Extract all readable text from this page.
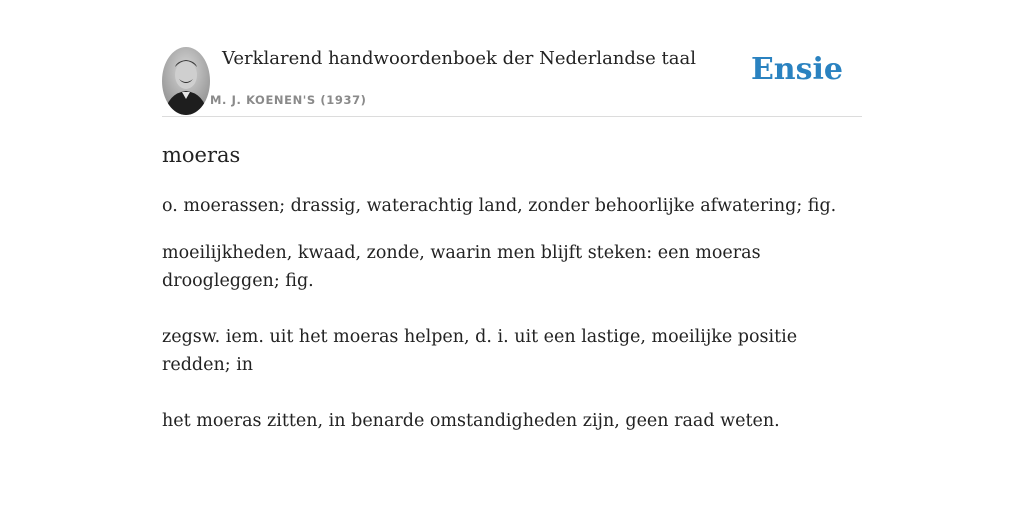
Verklarend handwoordenboek der Nederlandse taal
M. J. KOENEN'S (1937)
Ensie
moeras

o. moerassen; drassig, waterachtig land, zonder behoorlijke afwatering; fig.

moeilijkheden, kwaad, zonde, waarin men blijft steken: een moeras droogleggen; fig.

zegsw. iem. uit het moeras helpen, d. i. uit een lastige, moeilijke positie redden; in

het moeras zitten, in benarde omstandigheden zijn, geen raad weten.
